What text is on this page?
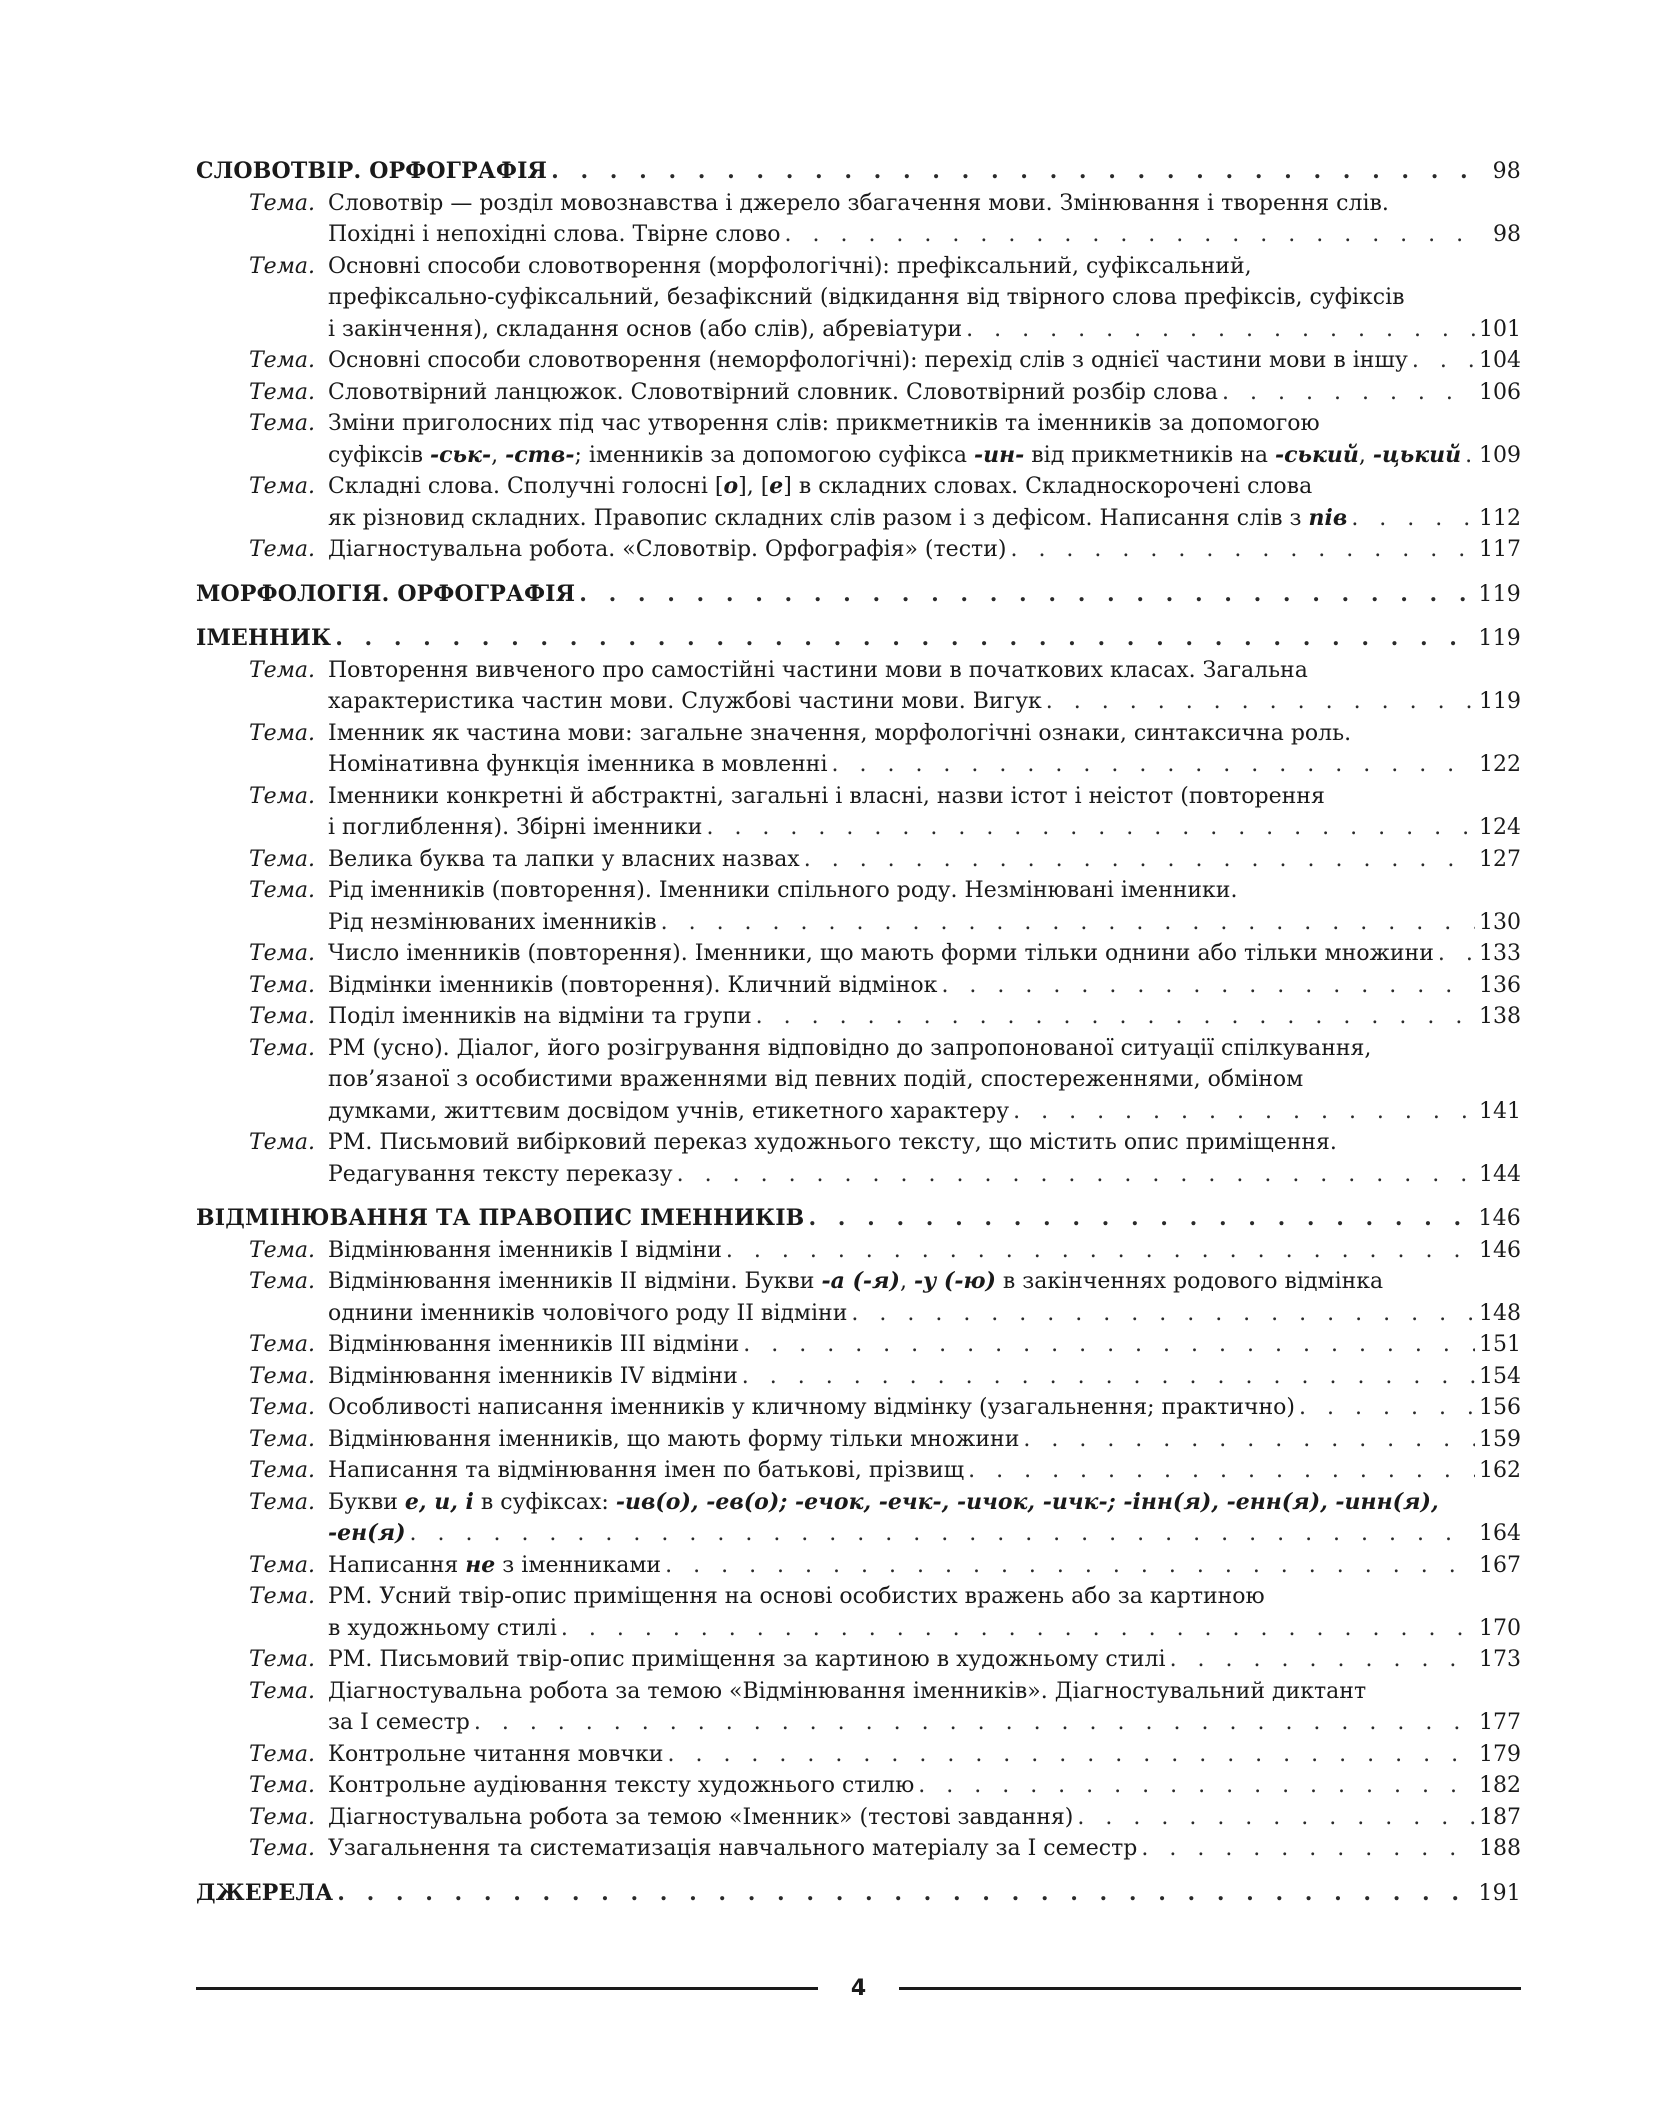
СЛОВОТВІР. ОРФОГРАФІЯ . . .	98
Тема. Словотвір — розділ мовознавства і джерело збагачення мови. Змінювання і творення слів.
Похідні і непохідні слова. Твірне слово . . .	98
Тема. Основні способи словотворення (морфологічні): префіксальний, суфіксальний,
префіксально-суфіксальний, безафіксний (відкидання від твірного слова префіксів, суфіксів
і закінчення), складання основ (або слів), абревіатури . . .	101
Тема. Основні способи словотворення (неморфологічні): перехід слів з однієї частини мови в іншу . . .	104
Тема. Словотвірний ланцюжок. Словотвірний словник. Словотвірний розбір слова . . .	106
Тема. Зміни приголосних під час утворення слів: прикметників та іменників за допомогою
суфіксів -ськ-, -ств-; іменників за допомогою суфікса -ин- від прикметників на -ський, -цький . . . 109
Тема. Складні слова. Сполучні голосні [о], [е] в складних словах. Складноскорочені слова
як різновид складних. Правопис складних слів разом і з дефісом. Написання слів з пів . . .	112
Тема. Діагностувальна робота. «Словотвір. Орфографія» (тести) . . .	117
МОРФОЛОГІЯ. ОРФОГРАФІЯ . . .	119
ІМЕННИК . . .	119
Тема. Повторення вивченого про самостійні частини мови в початкових класах. Загальна
характеристика частин мови. Службові частини мови. Вигук . . .	119
Тема. Іменник як частина мови: загальне значення, морфологічні ознаки, синтаксична роль.
Номінативна функція іменника в мовленні . . .	122
Тема. Іменники конкретні й абстрактні, загальні і власні, назви істот і неістот (повторення
і поглиблення). Збірні іменники . . .	124
Тема. Велика буква та лапки у власних назвах . . .	127
Тема. Рід іменників (повторення). Іменники спільного роду. Незмінювані іменники.
Рід незмінюваних іменників . . .	130
Тема. Число іменників (повторення). Іменники, що мають форми тільки однини або тільки множини . . . 133
Тема. Відмінки іменників (повторення). Кличний відмінок . . .	136
Тема. Поділ іменників на відміни та групи . . .	138
Тема. РМ (усно). Діалог, його розігрування відповідно до запропонованої ситуації спілкування,
пов’язаної з особистими враженнями від певних подій, спостереженнями, обміном
думками, життєвим досвідом учнів, етикетного характеру . . .	141
Тема. РМ. Письмовий вибірковий переказ художнього тексту, що містить опис приміщення.
Редагування тексту переказу . . .	144
ВІДМІНЮВАННЯ ТА ПРАВОПИС ІМЕННИКІВ . . .	146
Тема. Відмінювання іменників І відміни . . .	146
Тема. Відмінювання іменників ІІ відміни. Букви -а (-я), -у (-ю) в закінченнях родового відмінка
однини іменників чоловічого роду ІІ відміни . . .	148
Тема. Відмінювання іменників ІІІ відміни . . .	151
Тема. Відмінювання іменників ІV відміни . . .	154
Тема. Особливості написання іменників у кличному відмінку (узагальнення; практично) . . .	156
Тема. Відмінювання іменників, що мають форму тільки множини . . .	159
Тема. Написання та відмінювання імен по батькові, прізвищ . . .	162
Тема. Букви е, и, і в суфіксах: -ив(о), -ев(о); -ечок, -ечк-, -ичок, -ичк-; -інн(я), -енн(я), -инн(я),
-ен(я) . . .	164
Тема. Написання не з іменниками . . .	167
Тема. РМ. Усний твір-опис приміщення на основі особистих вражень або за картиною
в художньому стилі . . .	170
Тема. РМ. Письмовий твір-опис приміщення за картиною в художньому стилі . . .	173
Тема. Діагностувальна робота за темою «Відмінювання іменників». Діагностувальний диктант
за І семестр . . .	177
Тема. Контрольне читання мовчки . . .	179
Тема. Контрольне аудіювання тексту художнього стилю . . .	182
Тема. Діагностувальна робота за темою «Іменник» (тестові завдання) . . .	187
Тема. Узагальнення та систематизація навчального матеріалу за І семестр . . .	188
ДЖЕРЕЛА . . .	191
4
